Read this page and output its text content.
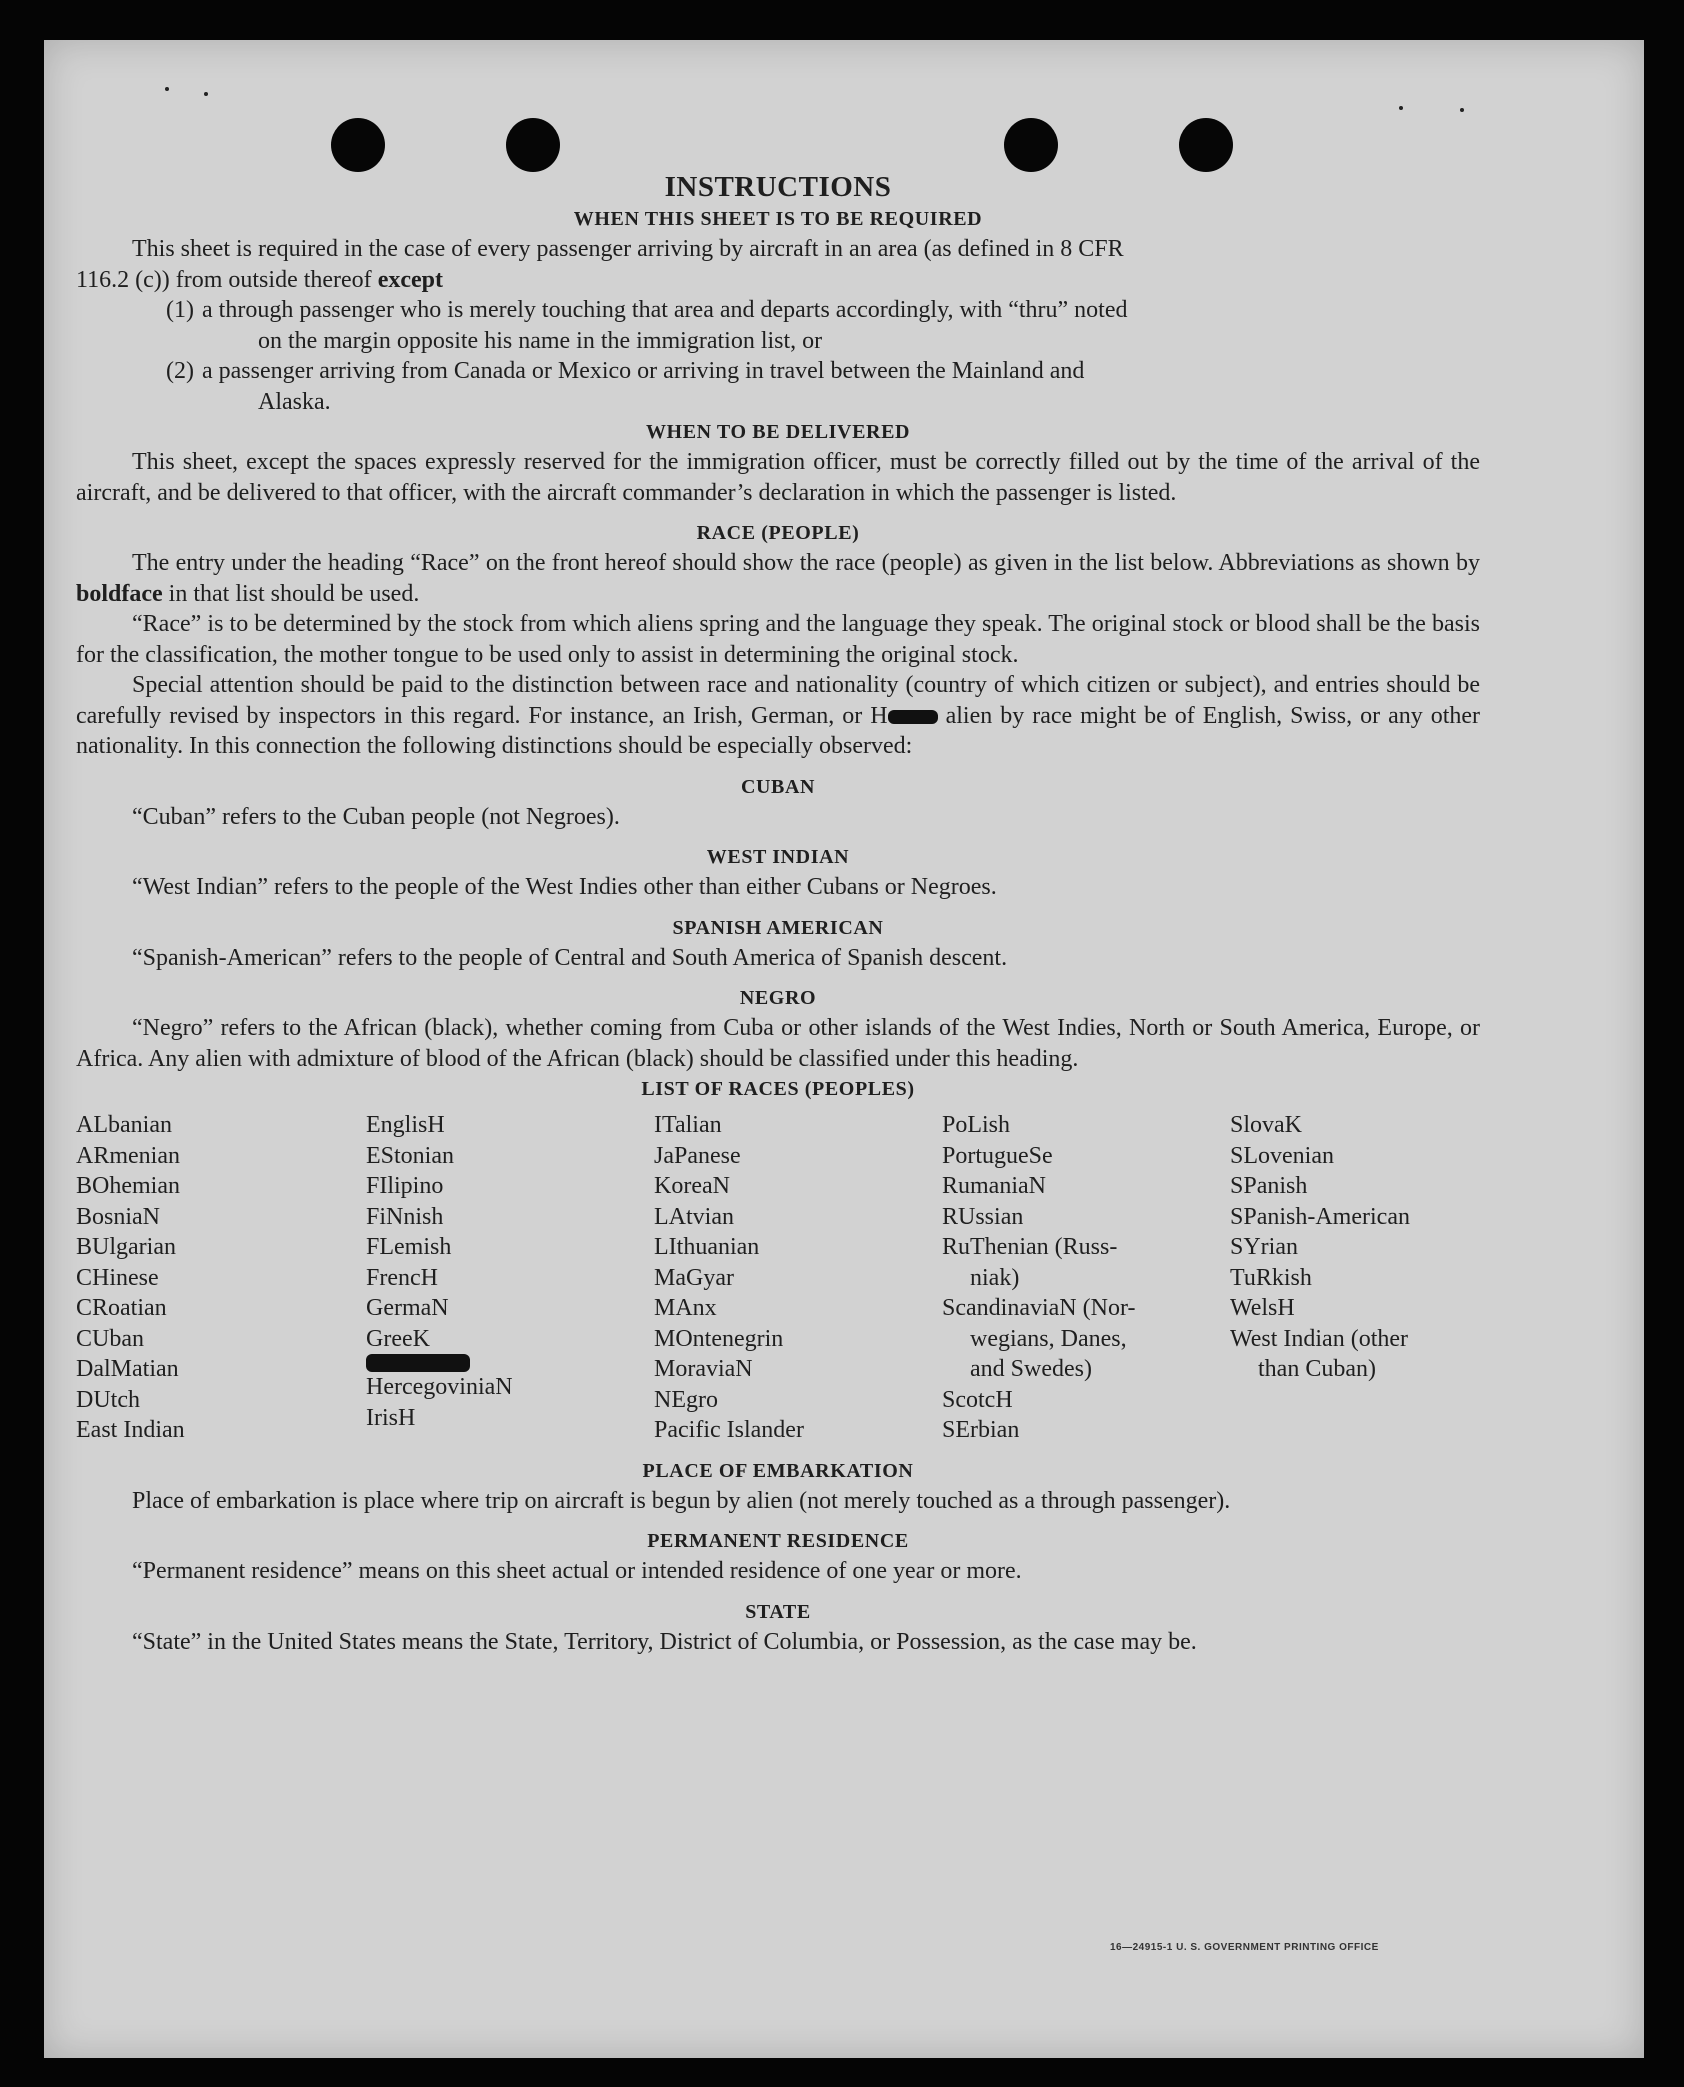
INSTRUCTIONS
WHEN THIS SHEET IS TO BE REQUIRED

This sheet is required in the case of every passenger arriving by aircraft in an area (as defined in 8 CFR

116.2 (c)) from outside thereof except

(1) a through passenger who is merely touching that area and departs accordingly, with “thru” noted
on the margin opposite his name in the immigration list, or
(2) a passenger arriving from Canada or Mexico or arriving in travel between the Mainland and
Alaska.
WHEN TO BE DELIVERED

This sheet, except the spaces expressly reserved for the immigration officer, must be correctly filled out by the time of the arrival of the aircraft, and be delivered to that officer, with the aircraft commander’s declaration in which the passenger is listed.

RACE (PEOPLE)

The entry under the heading “Race” on the front hereof should show the race (people) as given in the list below. Abbreviations as shown by boldface in that list should be used.

“Race” is to be determined by the stock from which aliens spring and the language they speak. The original stock or blood shall be the basis for the classification, the mother tongue to be used only to assist in determining the original stock.

Special attention should be paid to the distinction between race and nationality (country of which citizen or subject), and entries should be carefully revised by inspectors in this regard. For instance, an Irish, German, or H alien by race might be of English, Swiss, or any other nationality. In this connection the following distinctions should be especially observed:

CUBAN

“Cuban” refers to the Cuban people (not Negroes).

WEST INDIAN

“West Indian” refers to the people of the West Indies other than either Cubans or Negroes.

SPANISH AMERICAN

“Spanish-American” refers to the people of Central and South America of Spanish descent.

NEGRO

“Negro” refers to the African (black), whether coming from Cuba or other islands of the West Indies, North or South America, Europe, or Africa. Any alien with admixture of blood of the African (black) should be classified under this heading.

LIST OF RACES (PEOPLES)
ALbanian
ARmenian
BOhemian
BosniaN
BUlgarian
CHinese
CRoatian
CUban
DalMatian
DUtch
East Indian
EnglisH
EStonian
FIlipino
FiNnish
FLemish
FrencH
GermaN
GreeK
HercegoviniaN
IrisH
ITalian
JaPanese
KoreaN
LAtvian
LIthuanian
MaGyar
MAnx
MOntenegrin
MoraviaN
NEgro
Pacific Islander
PoLish
PortugueSe
RumaniaN
RUssian
RuThenian (Russ-
niak)
ScandinaviaN (Nor-
wegians, Danes,
and Swedes)
ScotcH
SErbian
SlovaK
SLovenian
SPanish
SPanish-American
SYrian
TuRkish
WelsH
West Indian (other
than Cuban)
PLACE OF EMBARKATION

Place of embarkation is place where trip on aircraft is begun by alien (not merely touched as a through passenger).

PERMANENT RESIDENCE

“Permanent residence” means on this sheet actual or intended residence of one year or more.

STATE

“State” in the United States means the State, Territory, District of Columbia, or Possession, as the case may be.

16—24915-1 U. S. GOVERNMENT PRINTING OFFICE
